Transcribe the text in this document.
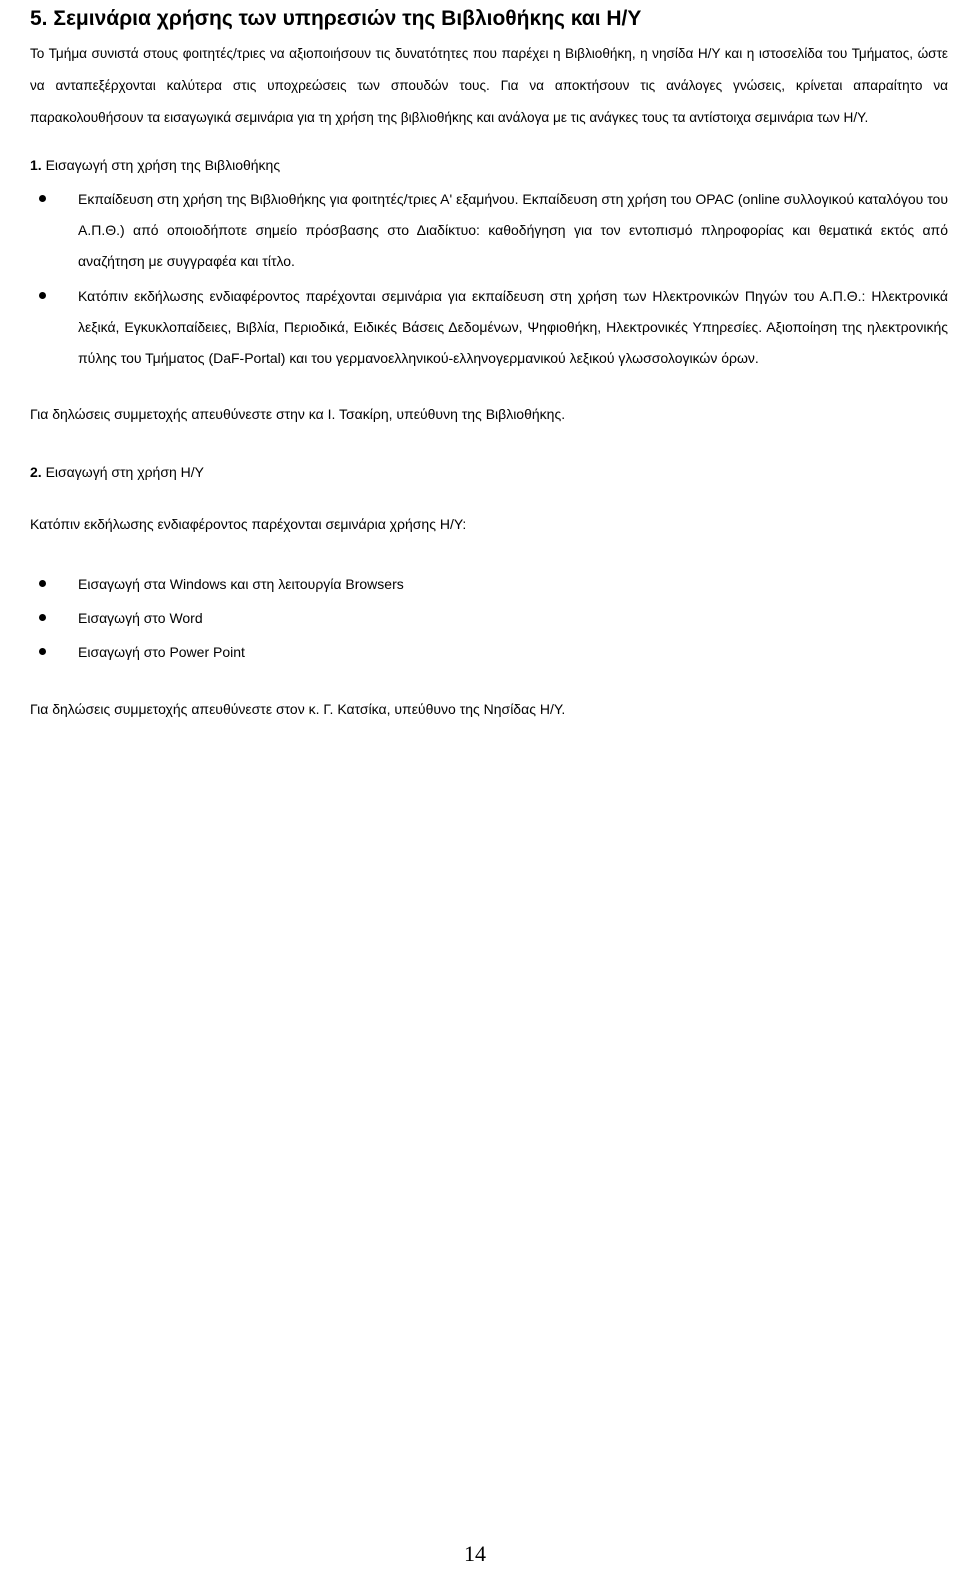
5. Σεμινάρια χρήσης των υπηρεσιών της Βιβλιοθήκης και Η/Υ

Το Τμήμα συνιστά στους φοιτητές/τριες να αξιοποιήσουν τις δυνατότητες που παρέχει η Βιβλιοθήκη, η νησίδα Η/Υ και η ιστοσελίδα του Τμήματος, ώστε να ανταπεξέρχονται καλύτερα στις υποχρεώσεις των σπουδών τους. Για να αποκτήσουν τις ανάλογες γνώσεις, κρίνεται απαραίτητο να παρακολουθήσουν τα εισαγωγικά σεμινάρια για τη χρήση της βιβλιοθήκης και ανάλογα με τις ανάγκες τους τα αντίστοιχα σεμινάρια των Η/Υ.

1. Εισαγωγή στη χρήση της Βιβλιοθήκης
Εκπαίδευση στη χρήση της Βιβλιοθήκης για φοιτητές/τριες Α' εξαμήνου. Εκπαίδευση στη χρήση του OPAC (online συλλογικού καταλόγου του Α.Π.Θ.) από οποιοδήποτε σημείο πρόσβασης στο Διαδίκτυο: καθοδήγηση για τον εντοπισμό πληροφορίας και θεματικά εκτός από αναζήτηση με συγγραφέα και τίτλο.
Κατόπιν εκδήλωσης ενδιαφέροντος παρέχονται σεμινάρια για εκπαίδευση στη χρήση των Ηλεκτρονικών Πηγών του Α.Π.Θ.: Ηλεκτρονικά λεξικά, Εγκυκλοπαίδειες, Βιβλία, Περιοδικά, Ειδικές Βάσεις Δεδομένων, Ψηφιοθήκη, Ηλεκτρονικές Υπηρεσίες. Αξιοποίηση της ηλεκτρονικής πύλης του Τμήματος (DaF-Portal) και του γερμανοελληνικού-ελληνογερμανικού λεξικού γλωσσολογικών όρων.

Για δηλώσεις συμμετοχής απευθύνεστε στην κα Ι. Τσακίρη, υπεύθυνη της Βιβλιοθήκης.

2. Εισαγωγή στη χρήση Η/Υ

Κατόπιν εκδήλωσης ενδιαφέροντος παρέχονται σεμινάρια χρήσης Η/Υ:

Εισαγωγή στα Windows και στη λειτουργία Browsers
Εισαγωγή στο Word
Εισαγωγή στο Power Point

Για δηλώσεις συμμετοχής απευθύνεστε στον κ. Γ. Κατσίκα, υπεύθυνο της Νησίδας Η/Υ.

14
